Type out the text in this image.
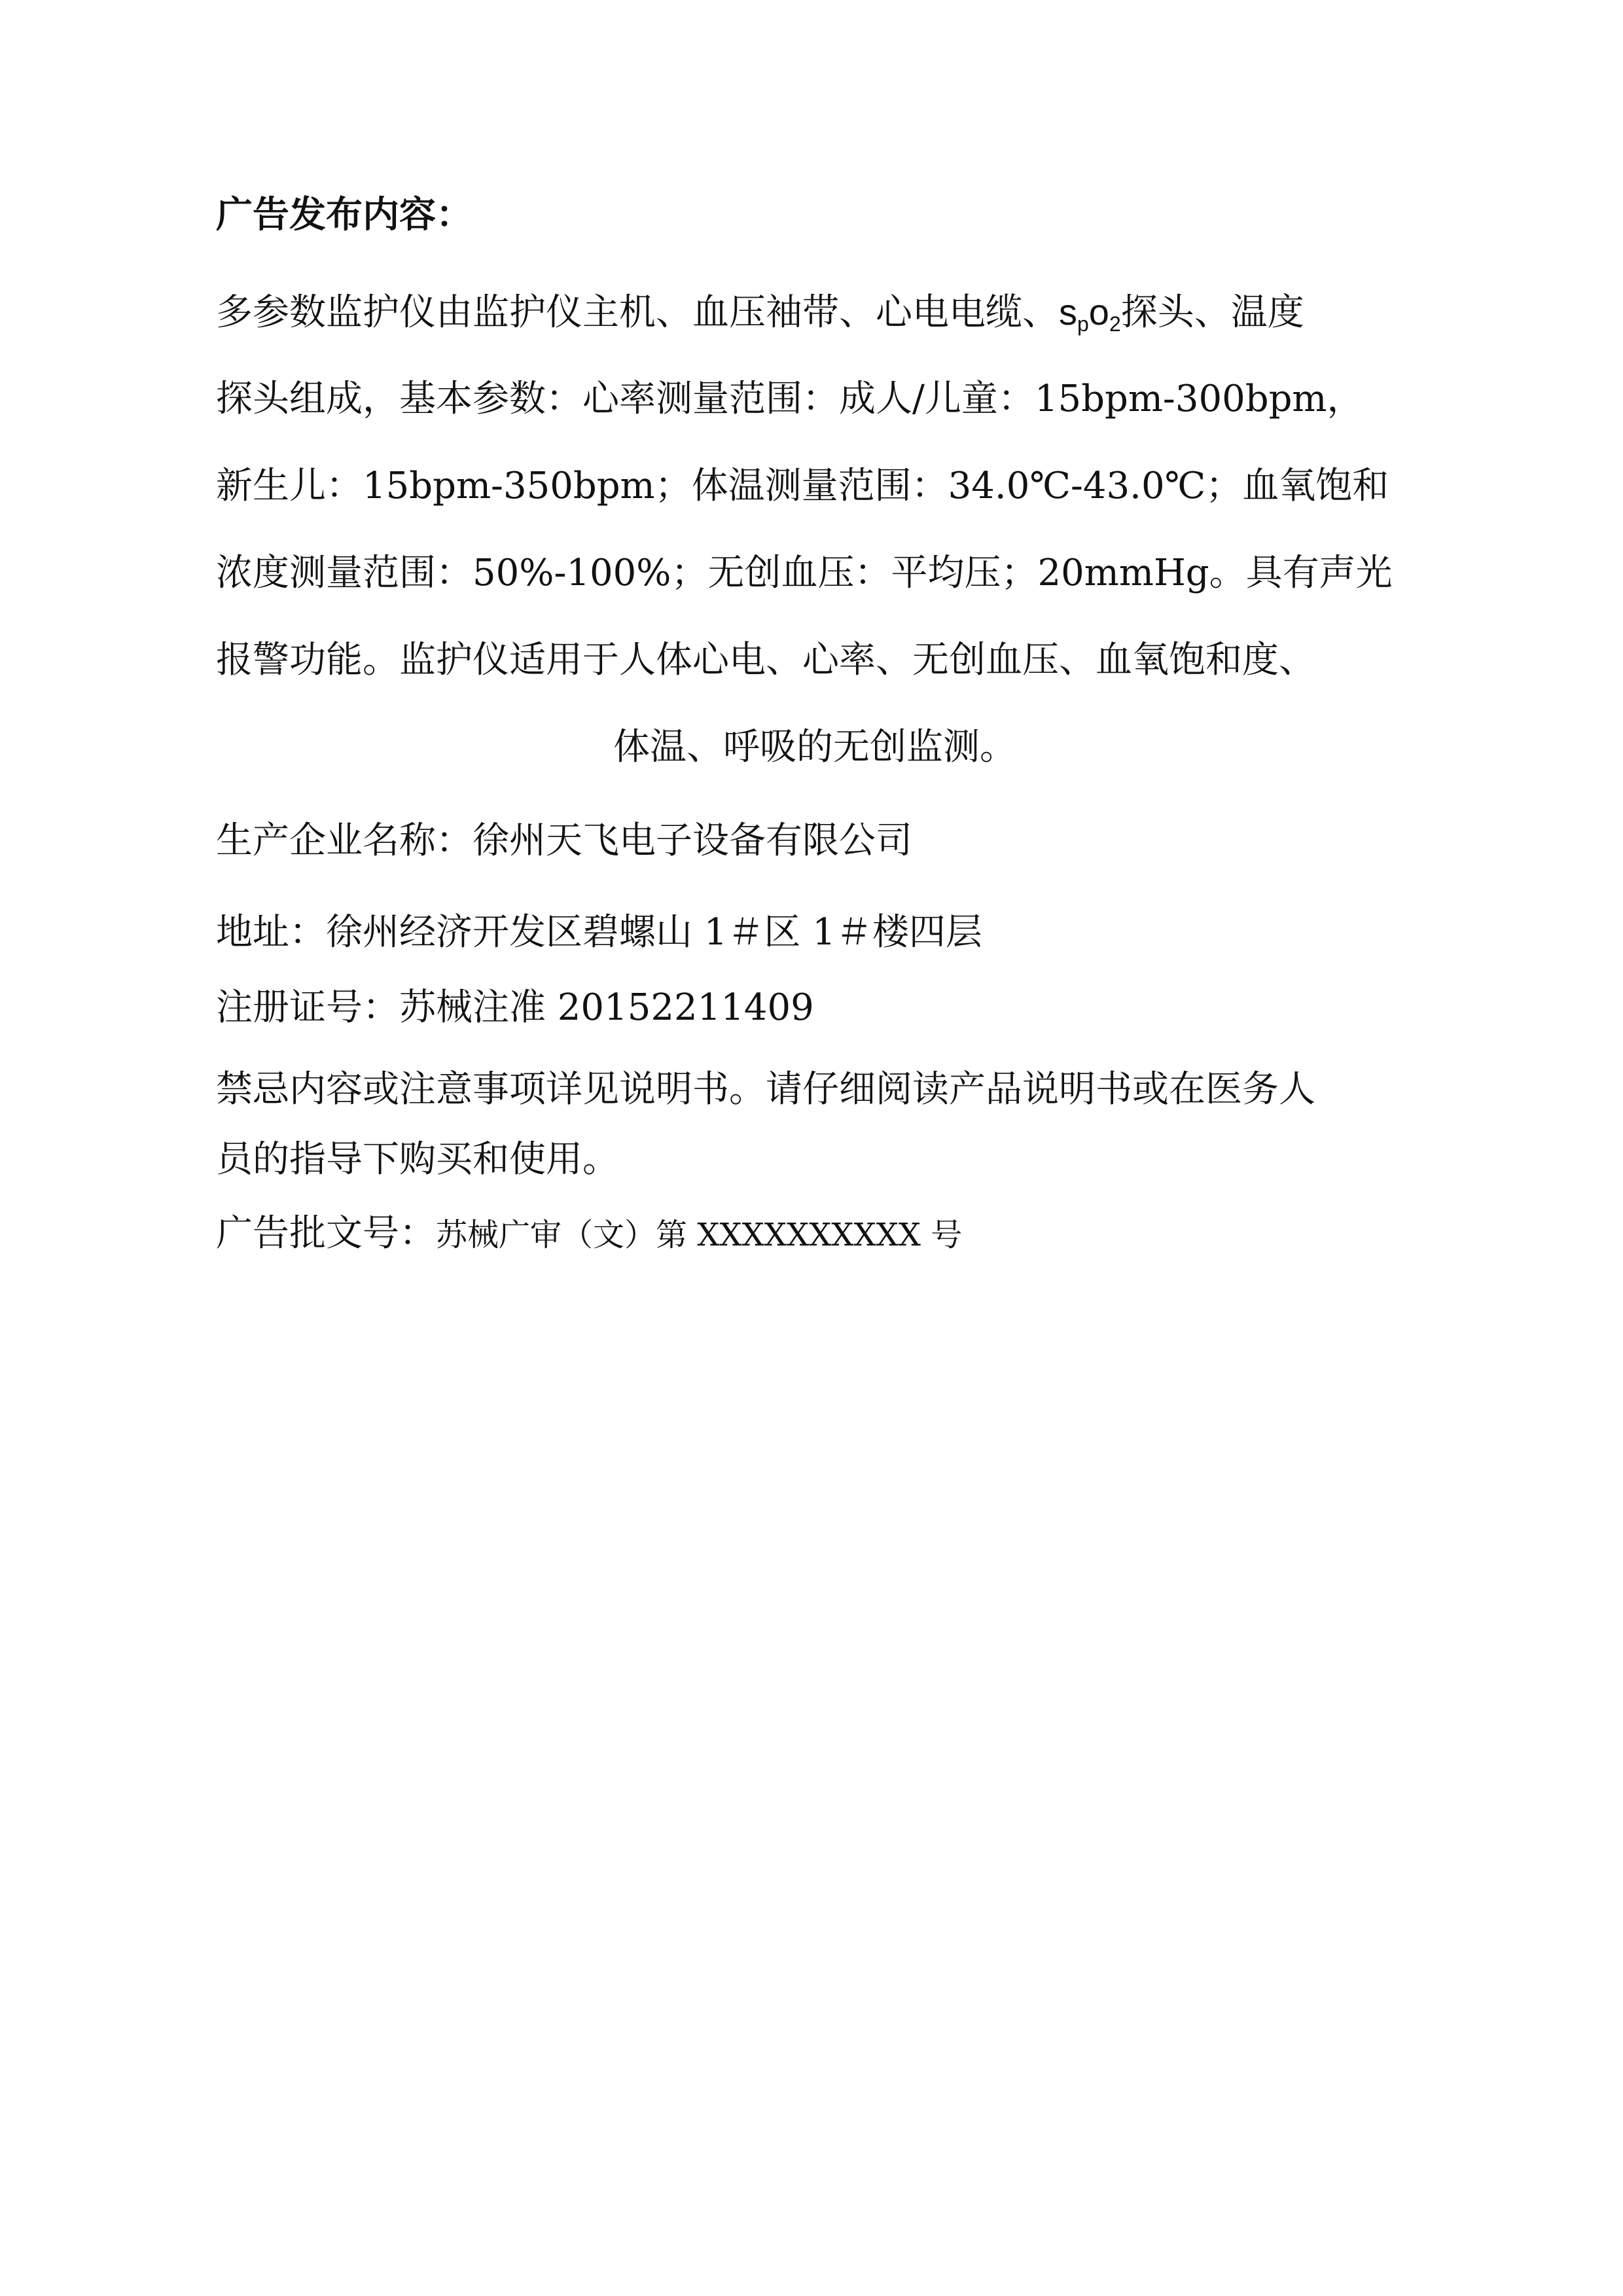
广告发布内容：
多参数监护仪由监护仪主机、血压袖带、心电电缆、spo2探头、温度
探头组成，基本参数：心率测量范围：成人/儿童：15bpm-300bpm，
新生儿：15bpm-350bpm；体温测量范围：34.0℃-43.0℃；血氧饱和
浓度测量范围：50%-100%；无创血压：平均压；20mmHg。具有声光
报警功能。监护仪适用于人体心电、心率、无创血压、血氧饱和度、
体温、呼吸的无创监测。
生产企业名称：徐州天飞电子设备有限公司
地址：徐州经济开发区碧螺山 1＃区 1＃楼四层
注册证号：苏械注准 20152211409
禁忌内容或注意事项详见说明书。请仔细阅读产品说明书或在医务人
员的指导下购买和使用。
广告批文号：苏械广审（文）第 XXXXXXXXXX 号
